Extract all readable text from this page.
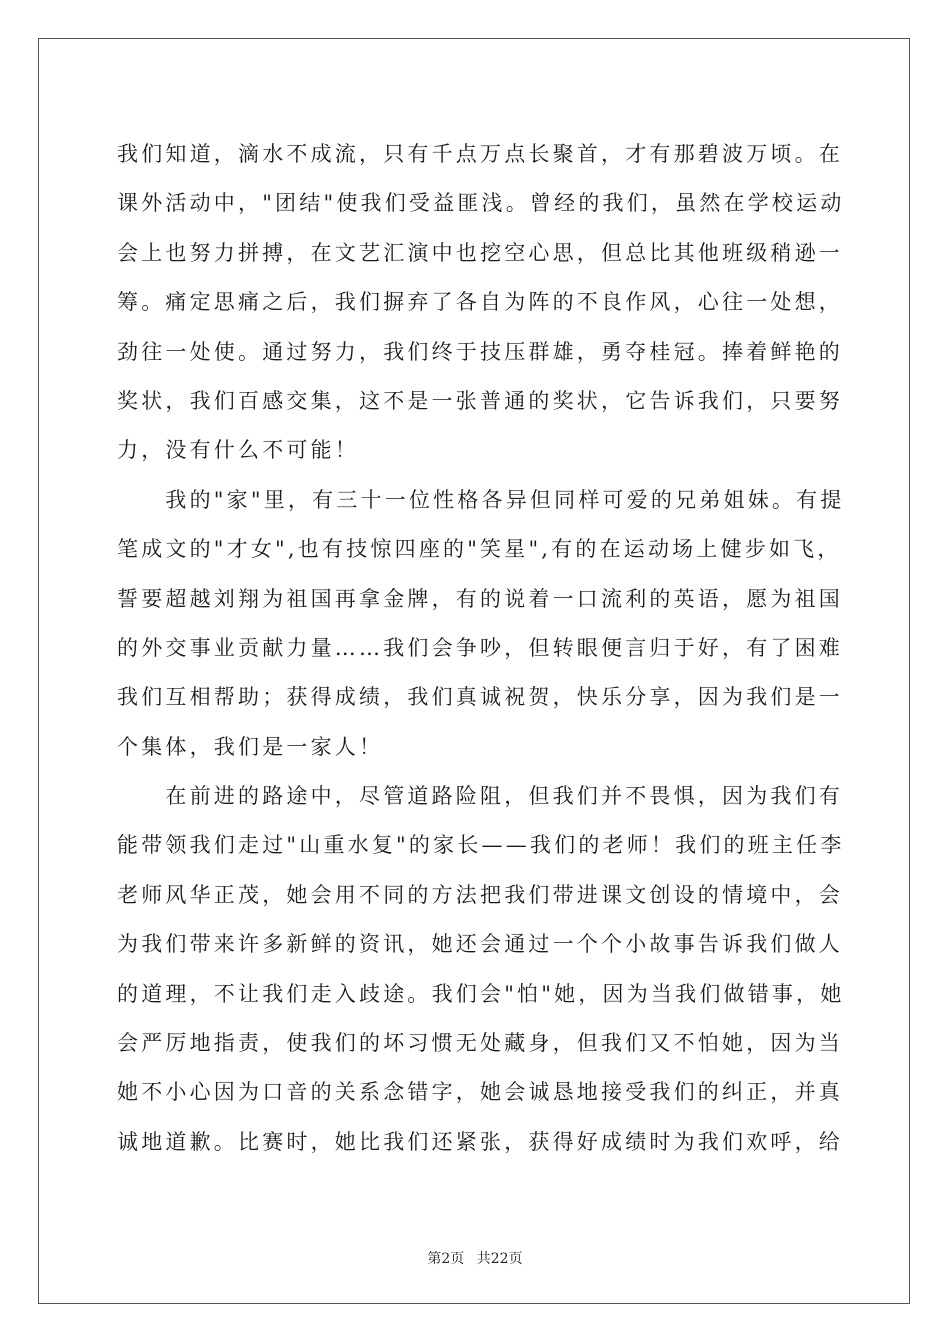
我们知道，滴水不成流，只有千点万点长聚首，才有那碧波万顷。在
课外活动中，"团结"使我们受益匪浅。曾经的我们，虽然在学校运动
会上也努力拼搏，在文艺汇演中也挖空心思，但总比其他班级稍逊一
筹。痛定思痛之后，我们摒弃了各自为阵的不良作风，心往一处想，
劲往一处使。通过努力，我们终于技压群雄，勇夺桂冠。捧着鲜艳的
奖状，我们百感交集，这不是一张普通的奖状，它告诉我们，只要努
力，没有什么不可能！
　　我的"家"里，有三十一位性格各异但同样可爱的兄弟姐妹。有提
笔成文的"才女",也有技惊四座的"笑星",有的在运动场上健步如飞，
誓要超越刘翔为祖国再拿金牌，有的说着一口流利的英语，愿为祖国
的外交事业贡献力量……我们会争吵，但转眼便言归于好，有了困难
我们互相帮助；获得成绩，我们真诚祝贺，快乐分享，因为我们是一
个集体，我们是一家人！
　　在前进的路途中，尽管道路险阻，但我们并不畏惧，因为我们有
能带领我们走过"山重水复"的家长——我们的老师！我们的班主任李
老师风华正茂，她会用不同的方法把我们带进课文创设的情境中，会
为我们带来许多新鲜的资讯，她还会通过一个个小故事告诉我们做人
的道理，不让我们走入歧途。我们会"怕"她，因为当我们做错事，她
会严厉地指责，使我们的坏习惯无处藏身，但我们又不怕她，因为当
她不小心因为口音的关系念错字，她会诚恳地接受我们的纠正，并真
诚地道歉。比赛时，她比我们还紧张，获得好成绩时为我们欢呼，给
第2页 共22页
